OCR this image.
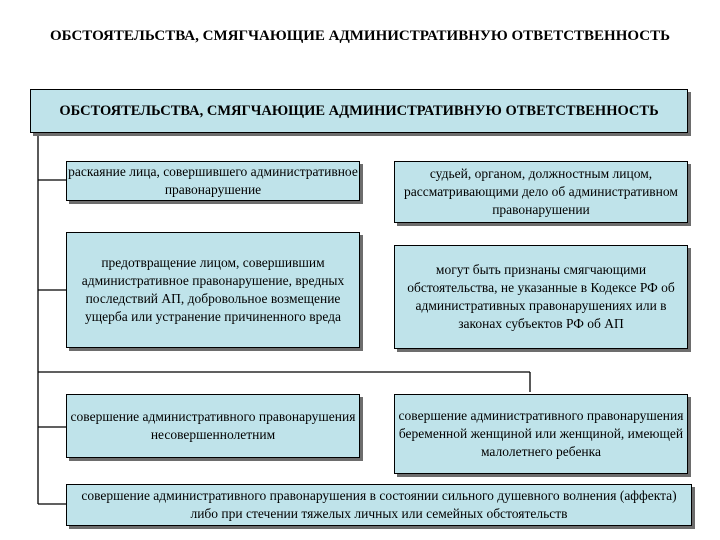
ОБСТОЯТЕЛЬСТВА, СМЯГЧАЮЩИЕ АДМИНИСТРАТИВНУЮ ОТВЕТСТВЕННОСТЬ
ОБСТОЯТЕЛЬСТВА, СМЯГЧАЮЩИЕ АДМИНИСТРАТИВНУЮ ОТВЕТСТВЕННОСТЬ
раскаяние лица, совершившего административное правонарушение
судьей, органом, должностным лицом, рассматривающими дело об административном правонарушении
предотвращение лицом, совершившим административное правонарушение, вредных последствий АП, добровольное возмещение ущерба или устранение причиненного вреда
могут быть признаны смягчающими обстоятельства, не указанные в Кодексе РФ об административных правонарушениях или в законах субъектов РФ об АП
совершение административного правонарушения несовершеннолетним
совершение административного правонарушения беременной женщиной или женщиной, имеющей малолетнего ребенка
совершение административного правонарушения в состоянии сильного душевного волнения (аффекта) либо при стечении тяжелых личных или семейных обстоятельств
